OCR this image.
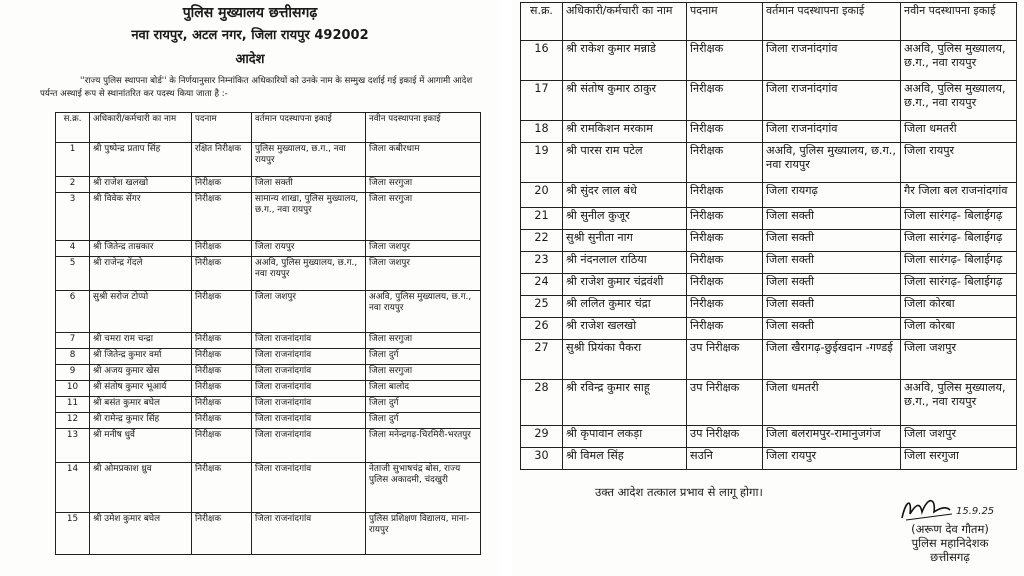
पुलिस मुख्यालय छत्तीसगढ़
नवा रायपुर, अटल नगर, जिला रायपुर 492002
आदेश
''राज्य पुलिस स्थापना बोर्ड'' के निर्णयानुसार निम्नांकित अधिकारियों को उनके नाम के सम्मुख दर्शाई गई इकाई में आगामी आदेश पर्यन्त अस्थाई रूप से स्थानांतरित कर पदस्थ किया जाता है :-
स.क्र.	अधिकारी/कर्मचारी का नाम	पदनाम	वर्तमान पदस्थापना इकाई	नवीन पदस्थापना इकाई
1	श्री पुष्पेन्द्र प्रताप सिंह	रक्षित निरीक्षक	पुलिस मुख्यालय, छ.ग., नवा रायपुर	जिला कबीरधाम
2	श्री राजेश खलखो	निरीक्षक	जिला सक्ती	जिला सरगुजा
3	श्री विवेक सेंगर	निरीक्षक	सामान्य शाखा, पुलिस मुख्यालय, छ.ग., नवा रायपुर	जिला सरगुजा
4	श्री जितेन्द्र ताम्रकार	निरीक्षक	जिला रायपुर	जिला जशपुर
5	श्री राजेन्द्र गेंदले	निरीक्षक	अअवि, पुलिस मुख्यालय, छ.ग., नवा रायपुर	जिला जशपुर
6	सुश्री सरोज टोप्पो	निरीक्षक	जिला जशपुर	अअवि, पुलिस मुख्यालय, छ.ग., नवा रायपुर
7	श्री चमरा राम चन्द्रा	निरीक्षक	जिला राजनांदगांव	जिला सरगुजा
8	श्री जितेन्द्र कुमार वर्मा	निरीक्षक	जिला राजनांदगांव	जिला दुर्ग
9	श्री अजय कुमार खेस	निरीक्षक	जिला राजनांदगांव	जिला सरगुजा
10	श्री संतोष कुमार भूआर्य	निरीक्षक	जिला राजनांदगांव	जिला बालोद
11	श्री बसंत कुमार बघेल	निरीक्षक	जिला राजनांदगांव	जिला दुर्ग
12	श्री रामेन्द्र कुमार सिंह	निरीक्षक	जिला राजनांदगांव	जिला दुर्ग
13	श्री मनीष धुर्वे	निरीक्षक	जिला राजनांदगांव	जिला मनेन्द्रगढ़-चिरमिरी-भरतपुर
14	श्री ओमप्रकाश ध्रुव	निरीक्षक	जिला राजनांदगांव	नेताजी सुभाषचंद्र बोस, राज्य पुलिस अकादमी, चंदखुरी
15	श्री उमेश कुमार बघेल	निरीक्षक	जिला राजनांदगांव	पुलिस प्रशिक्षण विद्यालय, माना-रायपुर
स.क्र.	अधिकारी/कर्मचारी का नाम	पदनाम	वर्तमान पदस्थापना इकाई	नवीन पदस्थापना इकाई
16	श्री राकेश कुमार मन्नाडे	निरीक्षक	जिला राजनांदगांव	अअवि, पुलिस मुख्यालय, छ.ग., नवा रायपुर
17	श्री संतोष कुमार ठाकुर	निरीक्षक	जिला राजनांदगांव	अअवि, पुलिस मुख्यालय, छ.ग., नवा रायपुर
18	श्री रामकिशन मरकाम	निरीक्षक	जिला राजनांदगांव	जिला धमतरी
19	श्री पारस राम पटेल	निरीक्षक	अअवि, पुलिस मुख्यालय, छ.ग., नवा रायपुर	जिला रायपुर
20	श्री सुंदर लाल बंधे	निरीक्षक	जिला रायगढ़	गैर जिला बल राजनांदगांव
21	श्री सुनील कुजूर	निरीक्षक	जिला सक्ती	जिला सारंगढ़- बिलाईगढ़
22	सुश्री सुनीता नाग	निरीक्षक	जिला सक्ती	जिला सारंगढ़- बिलाईगढ़
23	श्री नंदनलाल राठिया	निरीक्षक	जिला सक्ती	जिला सारंगढ़- बिलाईगढ़
24	श्री राजेश कुमार चंद्रवंशी	निरीक्षक	जिला सक्ती	जिला सारंगढ़- बिलाईगढ़
25	श्री ललित कुमार चंद्रा	निरीक्षक	जिला सक्ती	जिला कोरबा
26	श्री राजेश खलखो	निरीक्षक	जिला सक्ती	जिला कोरबा
27	सुश्री प्रियंका पैकरा	उप निरीक्षक	जिला खैरागढ़-छुईखदान -गण्डई	जिला जशपुर
28	श्री रविन्द्र कुमार साहू	उप निरीक्षक	जिला धमतरी	अअवि, पुलिस मुख्यालय, छ.ग., नवा रायपुर
29	श्री कृपावान लकड़ा	उप निरीक्षक	जिला बलरामपुर-रामानुजगंज	जिला जशपुर
30	श्री विमल सिंह	सउनि	जिला रायपुर	जिला सरगुजा
उक्त आदेश तत्काल प्रभाव से लागू होगा।
15.9.25
(अरूण देव गौतम)
पुलिस महानिदेशक
छत्तीसगढ़
